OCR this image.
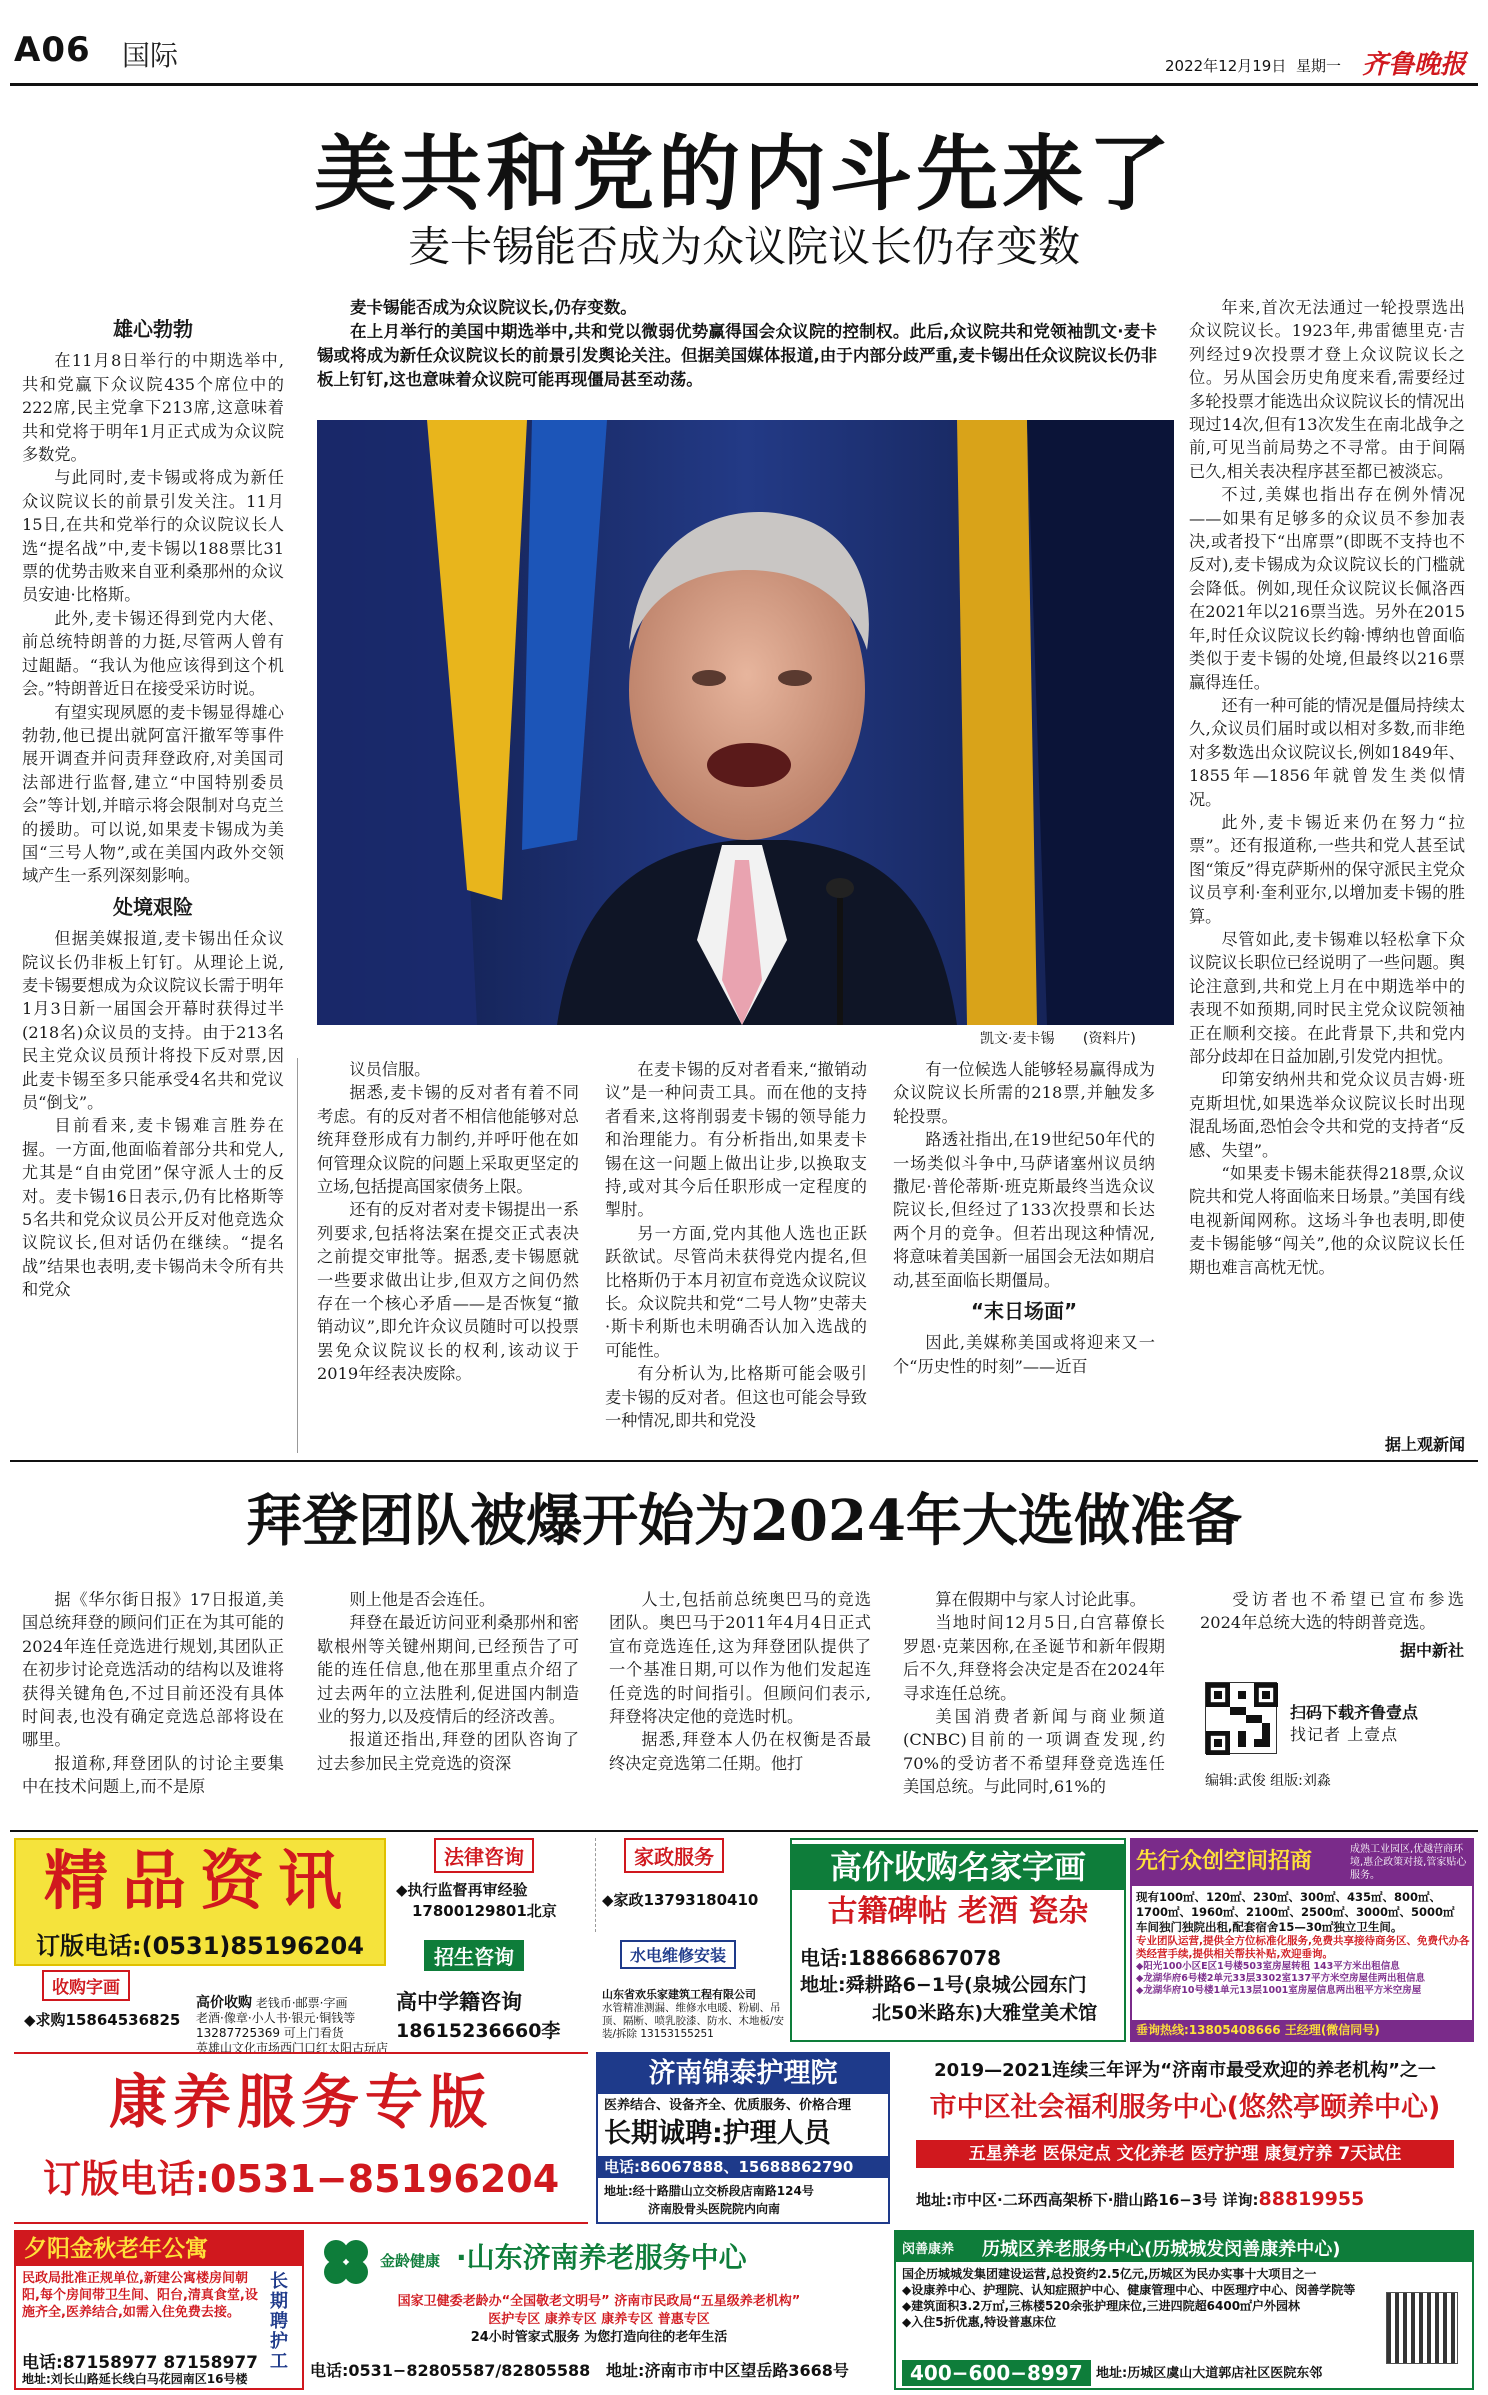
A06 国际	2022年12月19日 星期一 齐鲁晚报
美共和党的内斗先来了
麦卡锡能否成为众议院议长仍存变数

麦卡锡能否成为众议院议长,仍存变数。

在上月举行的美国中期选举中,共和党以微弱优势赢得国会众议院的控制权。此后,众议院共和党领袖凯文·麦卡锡或将成为新任众议院议长的前景引发舆论关注。但据美国媒体报道,由于内部分歧严重,麦卡锡出任众议院议长仍非板上钉钉,这也意味着众议院可能再现僵局甚至动荡。

雄心勃勃

在11月8日举行的中期选举中,共和党赢下众议院435个席位中的222席,民主党拿下213席,这意味着共和党将于明年1月正式成为众议院多数党。

与此同时,麦卡锡或将成为新任众议院议长的前景引发关注。11月15日,在共和党举行的众议院议长人选“提名战”中,麦卡锡以188票比31票的优势击败来自亚利桑那州的众议员安迪·比格斯。

此外,麦卡锡还得到党内大佬、前总统特朗普的力挺,尽管两人曾有过龃龉。“我认为他应该得到这个机会。”特朗普近日在接受采访时说。

有望实现夙愿的麦卡锡显得雄心勃勃,他已提出就阿富汗撤军等事件展开调查并问责拜登政府,对美国司法部进行监督,建立“中国特别委员会”等计划,并暗示将会限制对乌克兰的援助。可以说,如果麦卡锡成为美国“三号人物”,或在美国内政外交领域产生一系列深刻影响。

处境艰险

但据美媒报道,麦卡锡出任众议院议长仍非板上钉钉。从理论上说,麦卡锡要想成为众议院议长需于明年1月3日新一届国会开幕时获得过半(218名)众议员的支持。由于213名民主党众议员预计将投下反对票,因此麦卡锡至多只能承受4名共和党议员“倒戈”。

目前看来,麦卡锡难言胜券在握。一方面,他面临着部分共和党人,尤其是“自由党团”保守派人士的反对。麦卡锡16日表示,仍有比格斯等5名共和党众议员公开反对他竞选众议院议长,但对话仍在继续。“提名战”结果也表明,麦卡锡尚未令所有共和党众

凯文·麦卡锡 (资料片)

议员信服。

据悉,麦卡锡的反对者有着不同考虑。有的反对者不相信他能够对总统拜登形成有力制约,并呼吁他在如何管理众议院的问题上采取更坚定的立场,包括提高国家债务上限。

还有的反对者对麦卡锡提出一系列要求,包括将法案在提交正式表决之前提交审批等。据悉,麦卡锡愿就一些要求做出让步,但双方之间仍然存在一个核心矛盾——是否恢复“撤销动议”,即允许众议员随时可以投票罢免众议院议长的权利,该动议于2019年经表决废除。

在麦卡锡的反对者看来,“撤销动议”是一种问责工具。而在他的支持者看来,这将削弱麦卡锡的领导能力和治理能力。有分析指出,如果麦卡锡在这一问题上做出让步,以换取支持,或对其今后任职形成一定程度的掣肘。

另一方面,党内其他人选也正跃跃欲试。尽管尚未获得党内提名,但比格斯仍于本月初宣布竞选众议院议长。众议院共和党“二号人物”史蒂夫·斯卡利斯也未明确否认加入选战的可能性。

有分析认为,比格斯可能会吸引麦卡锡的反对者。但这也可能会导致一种情况,即共和党没

有一位候选人能够轻易赢得成为众议院议长所需的218票,并触发多轮投票。

路透社指出,在19世纪50年代的一场类似斗争中,马萨诸塞州议员纳撒尼·普伦蒂斯·班克斯最终当选众议院议长,但经过了133次投票和长达两个月的竞争。但若出现这种情况,将意味着美国新一届国会无法如期启动,甚至面临长期僵局。

“末日场面”

因此,美媒称美国或将迎来又一个“历史性的时刻”——近百

年来,首次无法通过一轮投票选出众议院议长。1923年,弗雷德里克·吉列经过9次投票才登上众议院议长之位。另从国会历史角度来看,需要经过多轮投票才能选出众议院议长的情况出现过14次,但有13次发生在南北战争之前,可见当前局势之不寻常。由于间隔已久,相关表决程序甚至都已被淡忘。

不过,美媒也指出存在例外情况——如果有足够多的众议员不参加表决,或者投下“出席票”(即既不支持也不反对),麦卡锡成为众议院议长的门槛就会降低。例如,现任众议院议长佩洛西在2021年以216票当选。另外在2015年,时任众议院议长约翰·博纳也曾面临类似于麦卡锡的处境,但最终以216票赢得连任。

还有一种可能的情况是僵局持续太久,众议员们届时或以相对多数,而非绝对多数选出众议院议长,例如1849年、1855年—1856年就曾发生类似情况。

此外,麦卡锡近来仍在努力“拉票”。还有报道称,一些共和党人甚至试图“策反”得克萨斯州的保守派民主党众议员亨利·奎利亚尔,以增加麦卡锡的胜算。

尽管如此,麦卡锡难以轻松拿下众议院议长职位已经说明了一些问题。舆论注意到,共和党上月在中期选举中的表现不如预期,同时民主党众议院领袖正在顺利交接。在此背景下,共和党内部分歧却在日益加剧,引发党内担忧。

印第安纳州共和党众议员吉姆·班克斯坦忧,如果选举众议院议长时出现混乱场面,恐怕会令共和党的支持者“反感、失望”。

“如果麦卡锡未能获得218票,众议院共和党人将面临来日场景。”美国有线电视新闻网称。这场斗争也表明,即使麦卡锡能够“闯关”,他的众议院议长任期也难言高枕无忧。

据上观新闻
拜登团队被爆开始为2024年大选做准备

据《华尔街日报》17日报道,美国总统拜登的顾问们正在为其可能的2024年连任竞选进行规划,其团队正在初步讨论竞选活动的结构以及谁将获得关键角色,不过目前还没有具体时间表,也没有确定竞选总部将设在哪里。

报道称,拜登团队的讨论主要集中在技术问题上,而不是原

则上他是否会连任。

拜登在最近访问亚利桑那州和密歇根州等关键州期间,已经预告了可能的连任信息,他在那里重点介绍了过去两年的立法胜利,促进国内制造业的努力,以及疫情后的经济改善。

报道还指出,拜登的团队咨询了过去参加民主党竞选的资深

人士,包括前总统奥巴马的竞选团队。奥巴马于2011年4月4日正式宣布竞选连任,这为拜登团队提供了一个基准日期,可以作为他们发起连任竞选的时间指引。但顾问们表示,拜登将决定他的竞选时机。

据悉,拜登本人仍在权衡是否最终决定竞选第二任期。他打

算在假期中与家人讨论此事。

当地时间12月5日,白宫幕僚长罗恩·克莱因称,在圣诞节和新年假期后不久,拜登将会决定是否在2024年寻求连任总统。

美国消费者新闻与商业频道(CNBC)目前的一项调查发现,约70%的受访者不希望拜登竞选连任美国总统。与此同时,61%的

受访者也不希望已宣布参选2024年总统大选的特朗普竞选。

据中新社
扫码下载齐鲁壹点
找记者 上壹点
编辑:武俊 组版:刘淼
精品资讯
订版电话:(0531)85196204
收购字画
◆求购15864536825
高价收购 老钱币·邮票·字画
老酒·像章·小人书·银元·铜钱等
13287725369 可上门看货
英雄山文化市场西门口红太阳古玩店
法律咨询
◆执行监督再审经验
17800129801北京
家政服务
◆家政13793180410
招生咨询	水电维修安装
高中学籍咨询
18615236660李
山东省欢乐家建筑工程有限公司
水管精准测漏、维修水电暖、粉刷、吊顶、隔断、喷乳胶漆、防水、木地板/安装/拆除 13153155251
高价收购名家字画
古籍碑帖 老酒 瓷杂
电话:18866867078
地址:舜耕路6−1号(泉城公园东门
北50米路东)大雅堂美术馆
先行众创空间招商	成熟工业园区,优越营商环境,惠企政策对接,管家贴心服务。
现有100㎡、120㎡、230㎡、300㎡、435㎡、800㎡、
1700㎡、1960㎡、2100㎡、2500㎡、3000㎡、5000㎡
车间独门独院出租,配套宿舍15—30㎡独立卫生间。
专业团队运营,提供全方位标准化服务,免费共享接待商务区、免费代办各类经营手续,提供相关帮扶补贴,欢迎垂询。
◆阳光100小区E区1号楼503室房屋转租 143平方米出租信息
◆龙湖华府6号楼2单元33层3302室137平方米空房屋佳两出租信息
◆龙湖华府10号楼1单元13层1001室房屋信息两出租平方米空房屋
垂询热线:13805408666 王经理(微信同号)
康养服务专版
订版电话:0531−85196204
济南锦泰护理院
医养结合、设备齐全、优质服务、价格合理
长期诚聘:护理人员
电话:86067888、15688862790
地址:经十路腊山立交桥段店南路124号
济南股骨头医院院内向南
2019—2021连续三年评为“济南市最受欢迎的养老机构”之一
市中区社会福利服务中心(悠然亭颐养中心)
五星养老 医保定点 文化养老 医疗护理 康复疗养 7天试住
地址:市中区·二环西高架桥下·腊山路16−3号 详询:88819955
夕阳金秋老年公寓
民政局批准正规单位,新建公寓楼房间朝阳,每个房间带卫生间、阳台,清真食堂,设施齐全,医养结合,如需入住免费去接。
长期聘护工
电话:87158977 87158977
地址:刘长山路延长线白马花园南区16号楼
金龄健康 ·山东济南养老服务中心
国家卫健委老龄办“全国敬老文明号” 济南市民政局“五星级养老机构”
医护专区 康养专区 康养专区 普惠专区
24小时管家式服务 为您打造向往的老年生活
电话:0531−82805587/82805588 地址:济南市市中区望岳路3668号
闵善康养 历城区养老服务中心(历城城发闵善康养中心)
国企历城城发集团建设运营,总投资约2.5亿元,历城区为民办实事十大项目之一
◆设康养中心、护理院、认知症照护中心、健康管理中心、中医理疗中心、闵善学院等
◆建筑面积3.2万㎡,三栋楼520余张护理床位,三进四院超6400㎡户外园林
◆入住5折优惠,特设普惠床位
400−600−8997	地址:历城区虞山大道郭店社区医院东邻
